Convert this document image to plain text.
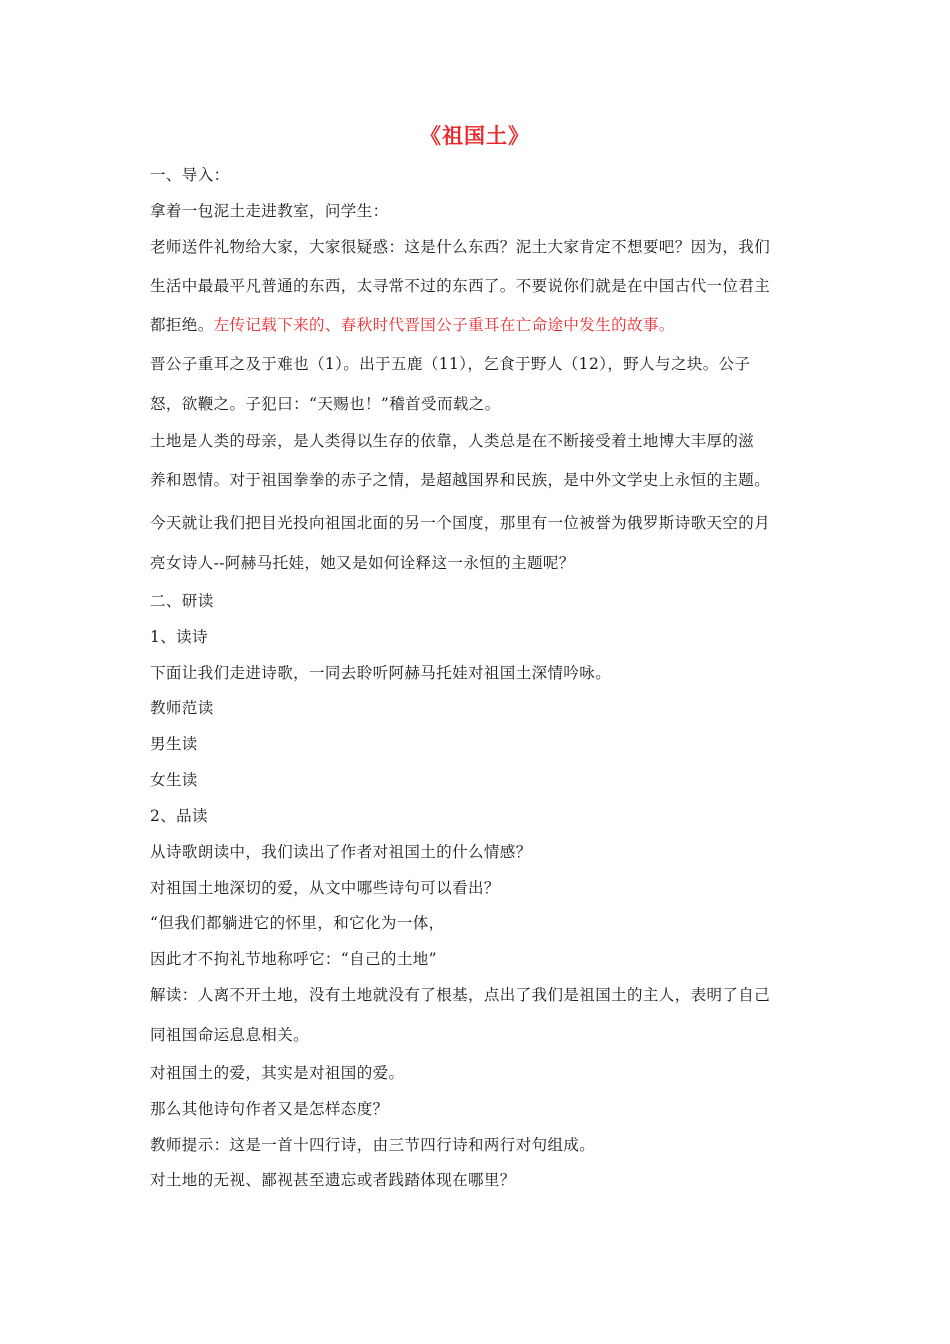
《祖国土》
一、导入：
拿着一包泥土走进教室，问学生：
老师送件礼物给大家，大家很疑惑：这是什么东西？泥土大家肯定不想要吧？因为，我们
生活中最最平凡普通的东西，太寻常不过的东西了。不要说你们就是在中国古代一位君主
都拒绝。左传记载下来的、春秋时代晋国公子重耳在亡命途中发生的故事。
晋公子重耳之及于难也（1）。出于五鹿（11），乞食于野人（12），野人与之块。公子
怒，欲鞭之。子犯曰：“天赐也！”稽首受而载之。
土地是人类的母亲，是人类得以生存的依靠，人类总是在不断接受着土地博大丰厚的滋
养和恩情。对于祖国拳拳的赤子之情，是超越国界和民族，是中外文学史上永恒的主题。
今天就让我们把目光投向祖国北面的另一个国度，那里有一位被誉为俄罗斯诗歌天空的月
亮女诗人--阿赫马托娃，她又是如何诠释这一永恒的主题呢？
二、研读
1、读诗
下面让我们走进诗歌，一同去聆听阿赫马托娃对祖国土深情吟咏。
教师范读
男生读
女生读
2、品读
从诗歌朗读中，我们读出了作者对祖国土的什么情感？
对祖国土地深切的爱，从文中哪些诗句可以看出？
“但我们都躺进它的怀里，和它化为一体，
因此才不拘礼节地称呼它：“自己的土地”
解读：人离不开土地，没有土地就没有了根基，点出了我们是祖国土的主人，表明了自己
同祖国命运息息相关。
对祖国土的爱，其实是对祖国的爱。
那么其他诗句作者又是怎样态度？
教师提示：这是一首十四行诗，由三节四行诗和两行对句组成。
对土地的无视、鄙视甚至遗忘或者践踏体现在哪里？
